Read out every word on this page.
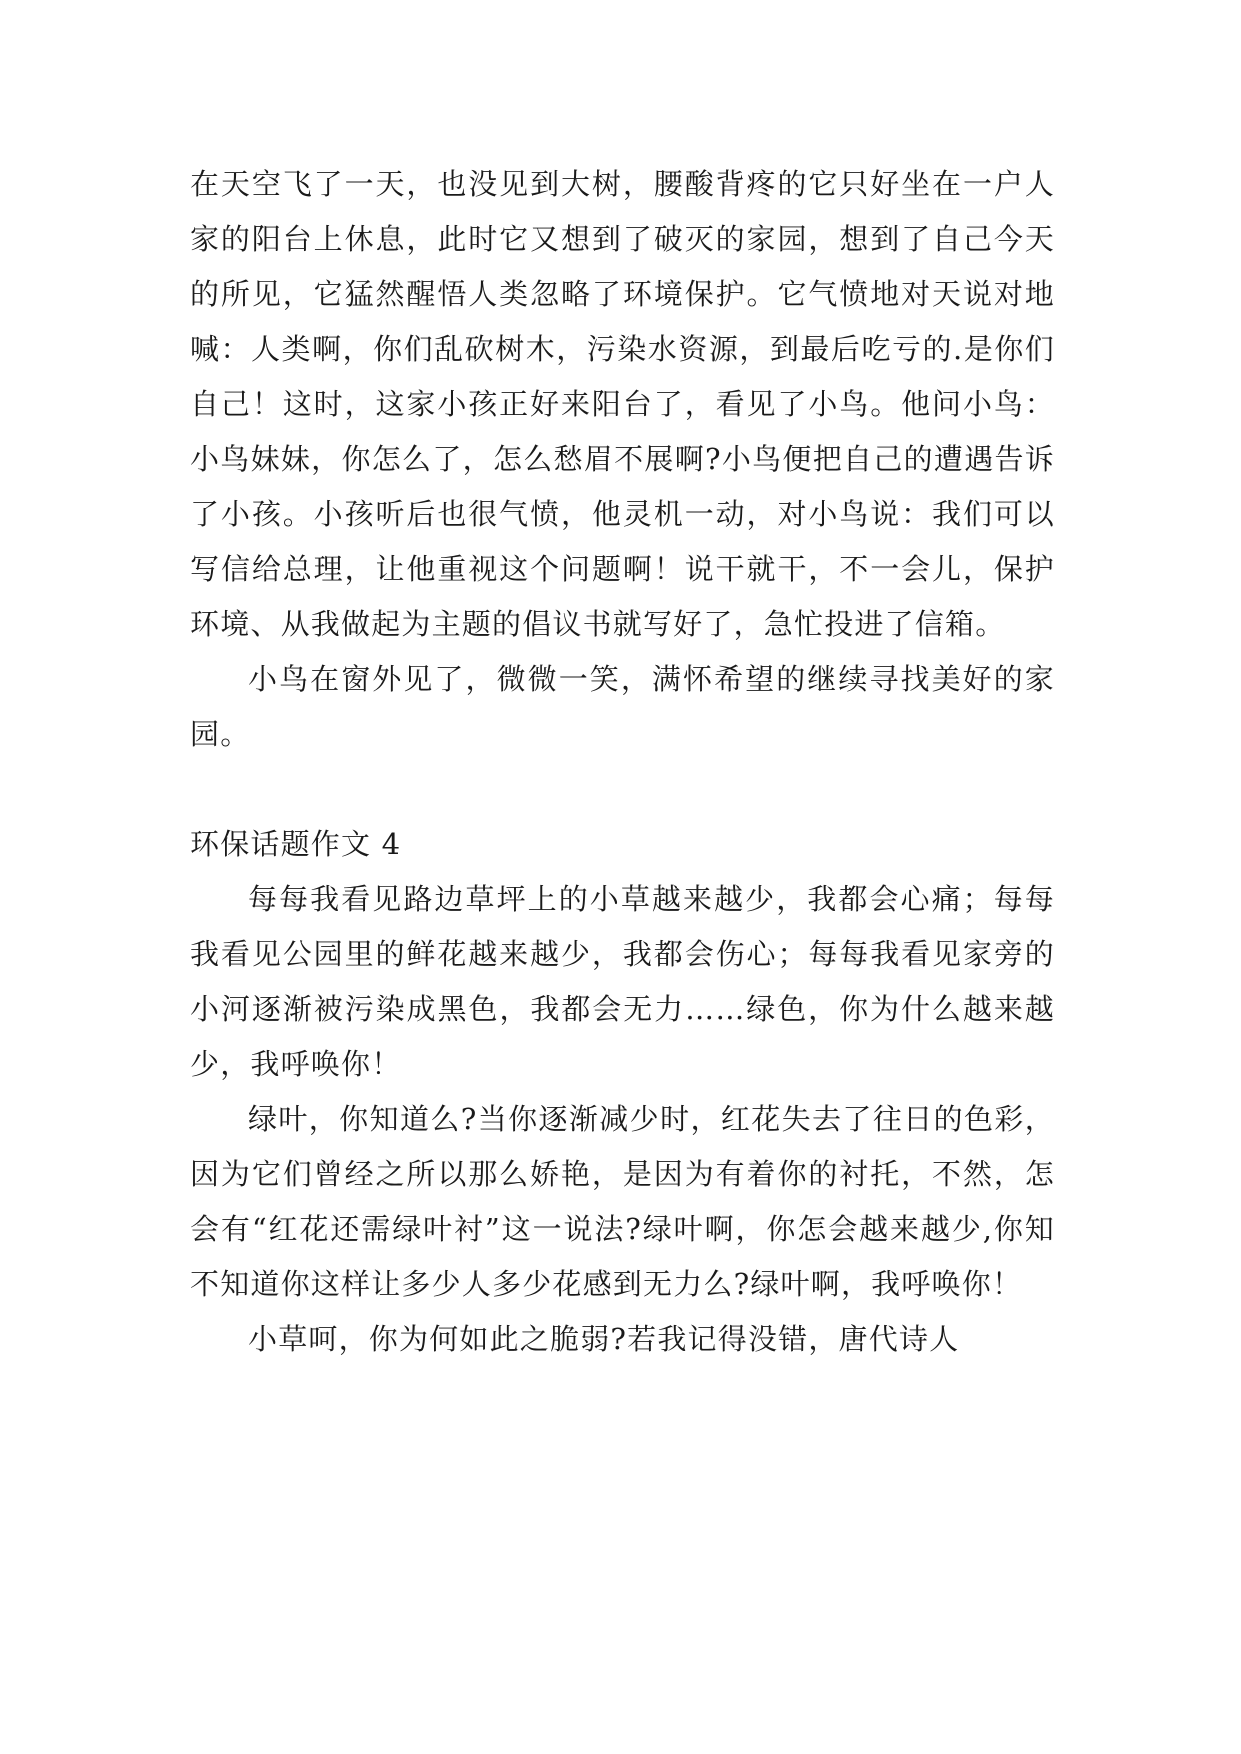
在天空飞了一天，也没见到大树，腰酸背疼的它只好坐在一户人家的阳台上休息，此时它又想到了破灭的家园，想到了自己今天的所见，它猛然醒悟人类忽略了环境保护。它气愤地对天说对地喊：人类啊，你们乱砍树木，污染水资源，到最后吃亏的.是你们自己！这时，这家小孩正好来阳台了，看见了小鸟。他问小鸟：小鸟妹妹，你怎么了，怎么愁眉不展啊?小鸟便把自己的遭遇告诉了小孩。小孩听后也很气愤，他灵机一动，对小鸟说：我们可以写信给总理，让他重视这个问题啊！说干就干，不一会儿，保护环境、从我做起为主题的倡议书就写好了，急忙投进了信箱。

小鸟在窗外见了，微微一笑，满怀希望的继续寻找美好的家园。

环保话题作文 4

每每我看见路边草坪上的小草越来越少，我都会心痛；每每我看见公园里的鲜花越来越少，我都会伤心；每每我看见家旁的小河逐渐被污染成黑色，我都会无力……绿色，你为什么越来越少，我呼唤你！

绿叶，你知道么?当你逐渐减少时，红花失去了往日的色彩，因为它们曾经之所以那么娇艳，是因为有着你的衬托，不然，怎会有“红花还需绿叶衬”这一说法?绿叶啊，你怎会越来越少,你知不知道你这样让多少人多少花感到无力么?绿叶啊，我呼唤你！

小草呵，你为何如此之脆弱?若我记得没错，唐代诗人
